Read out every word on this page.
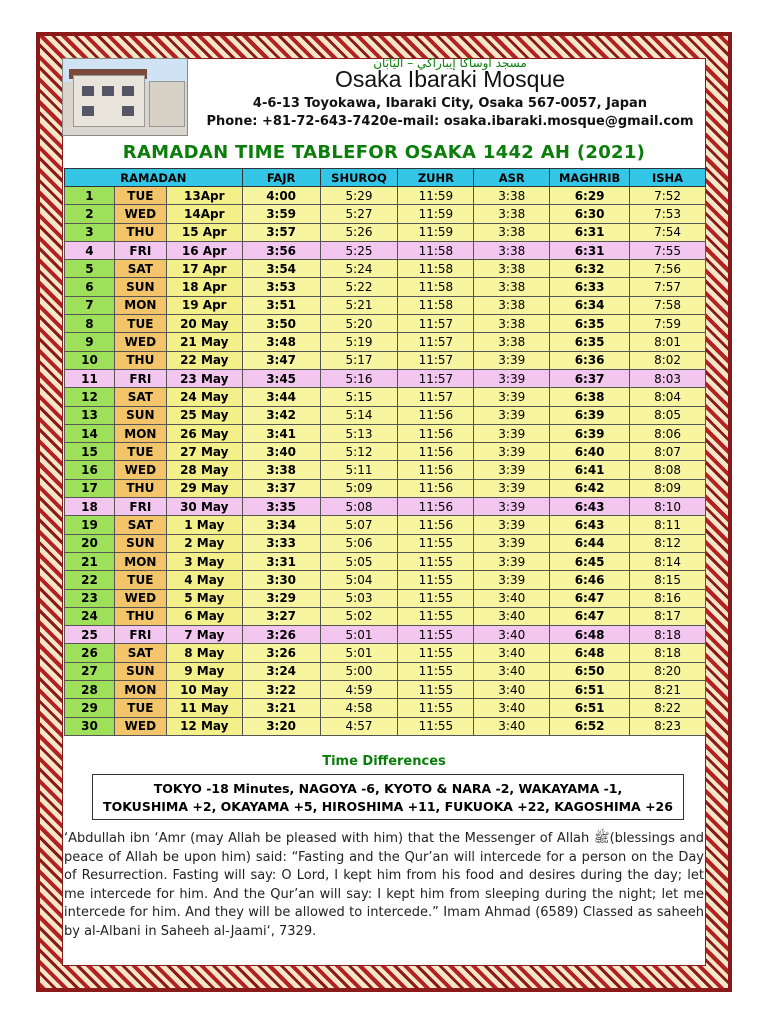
مسجد أوساكا إيباراكي – اليَابَان
Osaka Ibaraki Mosque
4-6-13 Toyokawa, Ibaraki City, Osaka 567-0057, Japan
Phone: +81-72-643-7420e-mail: osaka.ibaraki.mosque@gmail.com
RAMADAN TIME TABLEFOR OSAKA 1442 AH (2021)
RAMADAN			FAJR	SHUROQ	ZUHR	ASR	MAGHRIB	ISHA
1	TUE	13Apr	4:00	5:29	11:59	3:38	6:29	7:52
2	WED	14Apr	3:59	5:27	11:59	3:38	6:30	7:53
3	THU	15 Apr	3:57	5:26	11:59	3:38	6:31	7:54
4	FRI	16 Apr	3:56	5:25	11:58	3:38	6:31	7:55
5	SAT	17 Apr	3:54	5:24	11:58	3:38	6:32	7:56
6	SUN	18 Apr	3:53	5:22	11:58	3:38	6:33	7:57
7	MON	19 Apr	3:51	5:21	11:58	3:38	6:34	7:58
8	TUE	20 May	3:50	5:20	11:57	3:38	6:35	7:59
9	WED	21 May	3:48	5:19	11:57	3:38	6:35	8:01
10	THU	22 May	3:47	5:17	11:57	3:39	6:36	8:02
11	FRI	23 May	3:45	5:16	11:57	3:39	6:37	8:03
12	SAT	24 May	3:44	5:15	11:57	3:39	6:38	8:04
13	SUN	25 May	3:42	5:14	11:56	3:39	6:39	8:05
14	MON	26 May	3:41	5:13	11:56	3:39	6:39	8:06
15	TUE	27 May	3:40	5:12	11:56	3:39	6:40	8:07
16	WED	28 May	3:38	5:11	11:56	3:39	6:41	8:08
17	THU	29 May	3:37	5:09	11:56	3:39	6:42	8:09
18	FRI	30 May	3:35	5:08	11:56	3:39	6:43	8:10
19	SAT	1 May	3:34	5:07	11:56	3:39	6:43	8:11
20	SUN	2 May	3:33	5:06	11:55	3:39	6:44	8:12
21	MON	3 May	3:31	5:05	11:55	3:39	6:45	8:14
22	TUE	4 May	3:30	5:04	11:55	3:39	6:46	8:15
23	WED	5 May	3:29	5:03	11:55	3:40	6:47	8:16
24	THU	6 May	3:27	5:02	11:55	3:40	6:47	8:17
25	FRI	7 May	3:26	5:01	11:55	3:40	6:48	8:18
26	SAT	8 May	3:26	5:01	11:55	3:40	6:48	8:18
27	SUN	9 May	3:24	5:00	11:55	3:40	6:50	8:20
28	MON	10 May	3:22	4:59	11:55	3:40	6:51	8:21
29	TUE	11 May	3:21	4:58	11:55	3:40	6:51	8:22
30	WED	12 May	3:20	4:57	11:55	3:40	6:52	8:23
Time Differences
TOKYO -18 Minutes, NAGOYA -6, KYOTO & NARA -2, WAKAYAMA -1,
TOKUSHIMA +2, OKAYAMA +5, HIROSHIMA +11, FUKUOKA +22, KAGOSHIMA +26
‘Abdullah ibn ‘Amr (may Allah be pleased with him) that the Messenger of Allah ﷺ(blessings and peace of Allah be upon him) said: “Fasting and the Qur’an will intercede for a person on the Day of Resurrection. Fasting will say: O Lord, I kept him from his food and desires during the day; let me intercede for him. And the Qur’an will say: I kept him from sleeping during the night; let me intercede for him. And they will be allowed to intercede.” Imam Ahmad (6589) Classed as saheeh by al-Albani in Saheeh al-Jaami‘, 7329.
